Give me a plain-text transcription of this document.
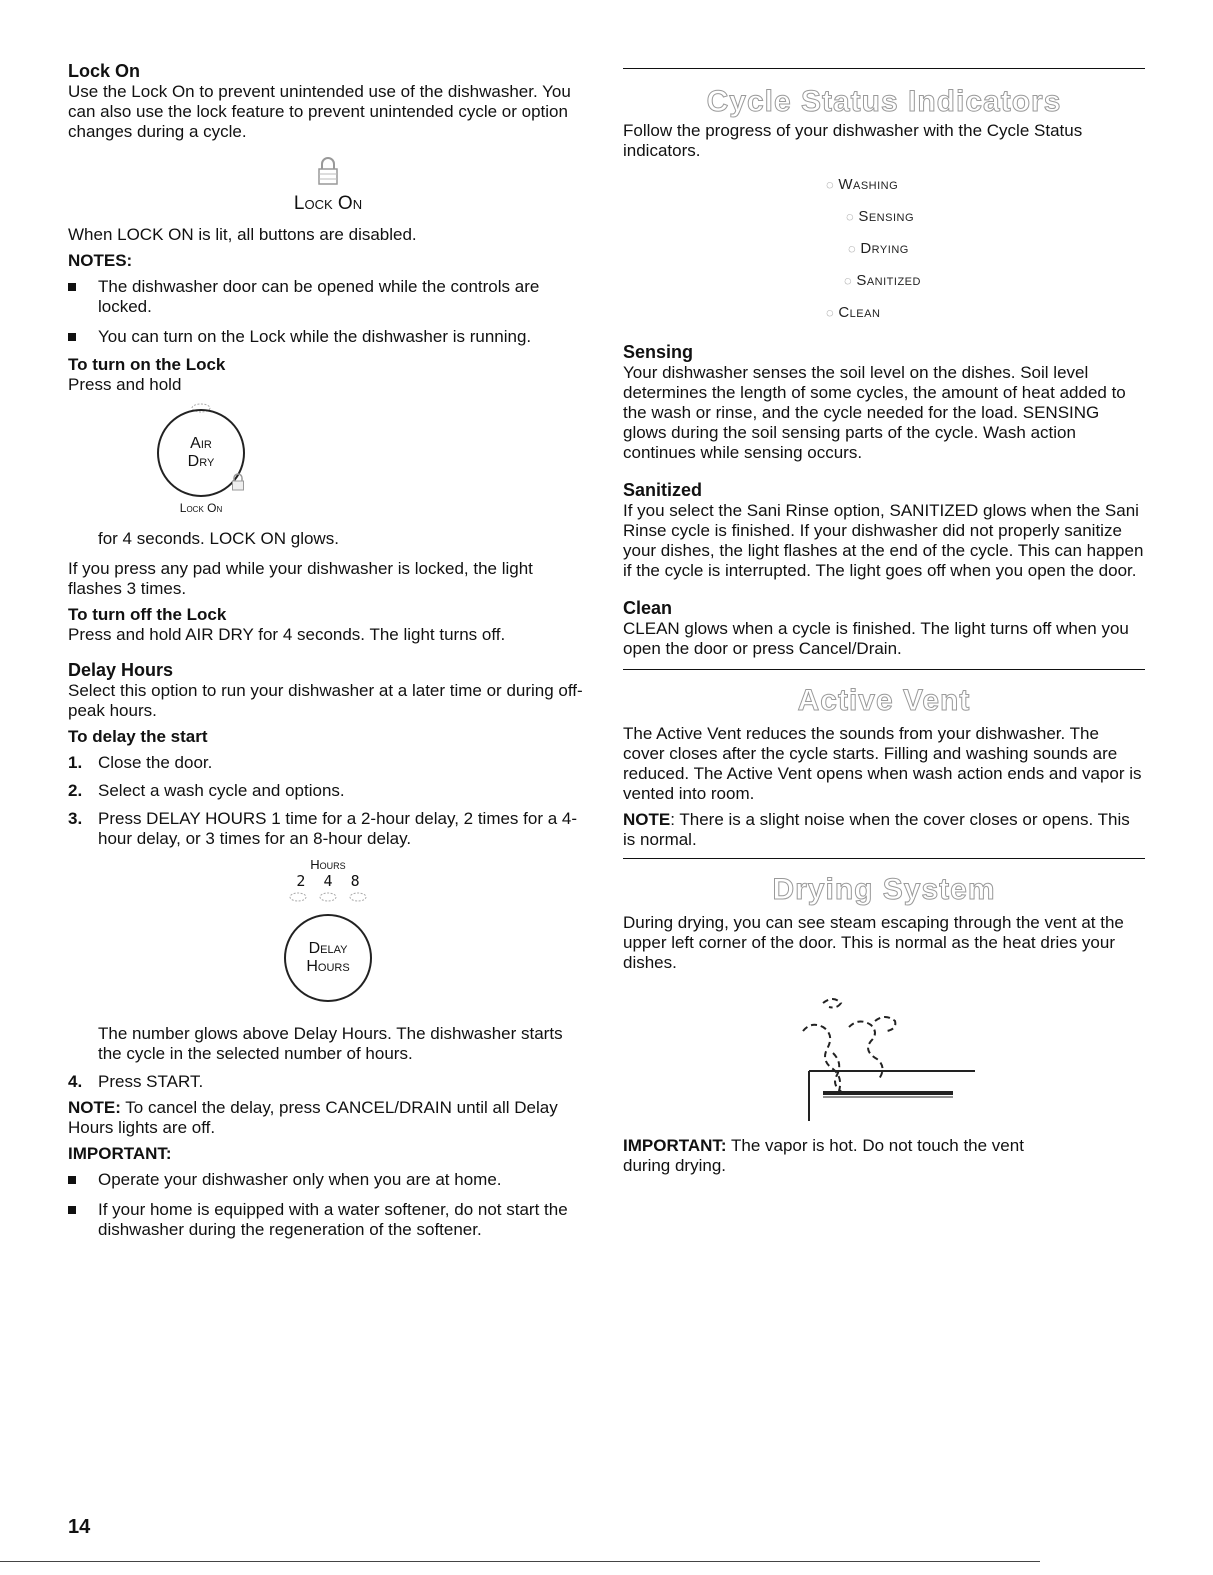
Lock On

Use the Lock On to prevent unintended use of the dishwasher. You can also use the lock feature to prevent unintended cycle or option changes during a cycle.

Lock On

When LOCK ON is lit, all buttons are disabled.

NOTES:

The dishwasher door can be opened while the controls are locked.

You can turn on the Lock while the dishwasher is running.

To turn on the Lock

Press and hold

Air
Dry
Lock On

for 4 seconds. LOCK ON glows.

If you press any pad while your dishwasher is locked, the light flashes 3 times.

To turn off the Lock

Press and hold AIR DRY for 4 seconds. The light turns off.

Delay Hours

Select this option to run your dishwasher at a later time or during off-peak hours.

To delay the start

1. Close the door.

2. Select a wash cycle and options.

3. Press DELAY HOURS 1 time for a 2-hour delay, 2 times for a 4-hour delay, or 3 times for an 8-hour delay.

Hours
2  4  8
Delay
Hours

The number glows above Delay Hours. The dishwasher starts the cycle in the selected number of hours.

4. Press START.

NOTE: To cancel the delay, press CANCEL/DRAIN until all Delay Hours lights are off.

IMPORTANT:

Operate your dishwasher only when you are at home.

If your home is equipped with a water softener, do not start the dishwasher during the regeneration of the softener.

Cycle Status Indicators

Follow the progress of your dishwasher with the Cycle Status indicators.

◌ Washing
◌ Sensing
◌ Drying
◌ Sanitized
◌ Clean

Sensing

Your dishwasher senses the soil level on the dishes. Soil level determines the length of some cycles, the amount of heat added to the wash or rinse, and the cycle needed for the load. SENSING glows during the soil sensing parts of the cycle. Wash action continues while sensing occurs.

Sanitized

If you select the Sani Rinse option, SANITIZED glows when the Sani Rinse cycle is finished. If your dishwasher did not properly sanitize your dishes, the light flashes at the end of the cycle. This can happen if the cycle is interrupted. The light goes off when you open the door.

Clean

CLEAN glows when a cycle is finished. The light turns off when you open the door or press Cancel/Drain.

Active Vent

The Active Vent reduces the sounds from your dishwasher. The cover closes after the cycle starts. Filling and washing sounds are reduced. The Active Vent opens when wash action ends and vapor is vented into room.

NOTE: There is a slight noise when the cover closes or opens. This is normal.

Drying System

During drying, you can see steam escaping through the vent at the upper left corner of the door. This is normal as the heat dries your dishes.

IMPORTANT: The vapor is hot. Do not touch the vent during drying.

14
